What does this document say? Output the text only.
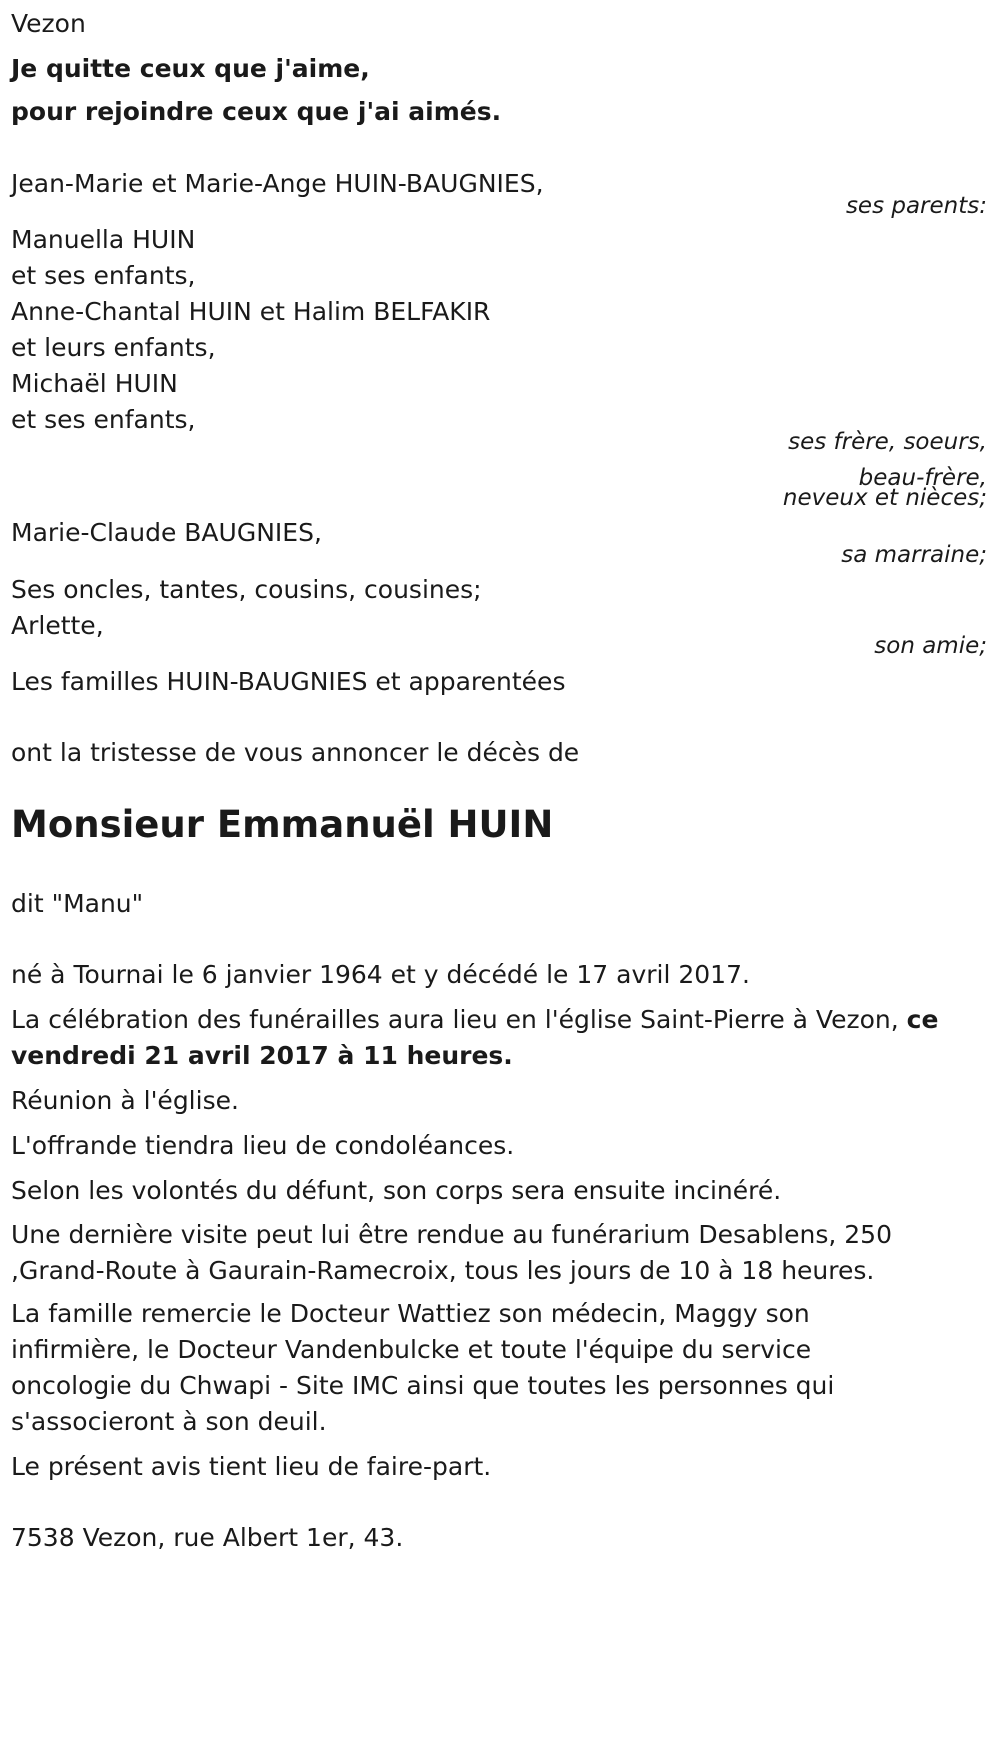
Vezon

Je quitte ceux que j'aime,

pour rejoindre ceux que j'ai aimés.

Jean-Marie et Marie-Ange HUIN-BAUGNIES,

ses parents:

Manuella HUIN

et ses enfants,

Anne-Chantal HUIN et Halim BELFAKIR

et leurs enfants,

Michaël HUIN

et ses enfants,

ses frère, soeurs,

beau-frère,

neveux et nièces;

Marie-Claude BAUGNIES,

sa marraine;

Ses oncles, tantes, cousins, cousines;

Arlette,

son amie;

Les familles HUIN-BAUGNIES et apparentées

ont la tristesse de vous annoncer le décès de

Monsieur Emmanuël HUIN

dit "Manu"

né à Tournai le 6 janvier 1964 et y décédé le 17 avril 2017.

La célébration des funérailles aura lieu en l'église Saint-Pierre à Vezon, ce

vendredi 21 avril 2017 à 11 heures.

Réunion à l'église.

L'offrande tiendra lieu de condoléances.

Selon les volontés du défunt, son corps sera ensuite incinéré.

Une dernière visite peut lui être rendue au funérarium Desablens, 250

,Grand-Route à Gaurain-Ramecroix, tous les jours de 10 à 18 heures.

La famille remercie le Docteur Wattiez son médecin, Maggy son

infirmière, le Docteur Vandenbulcke et toute l'équipe du service

oncologie du Chwapi - Site IMC ainsi que toutes les personnes qui

s'associeront à son deuil.

Le présent avis tient lieu de faire-part.

7538 Vezon, rue Albert 1er, 43.
